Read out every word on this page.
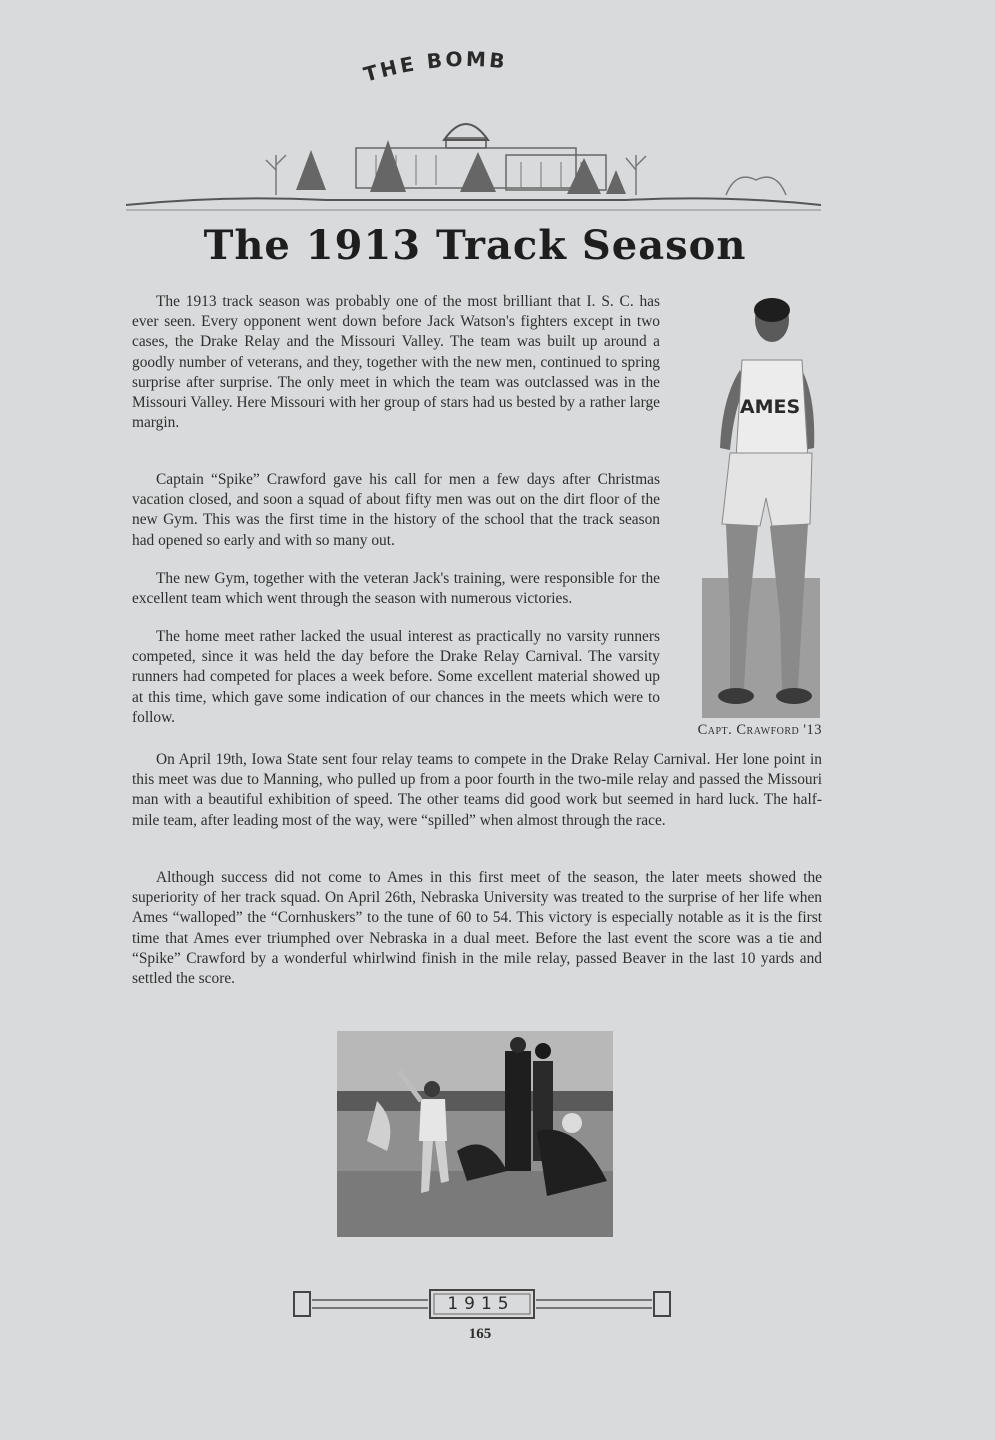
THE BOMB
The 1913 Track Season

The 1913 track season was probably one of the most brilliant that I. S. C. has ever seen. Every opponent went down before Jack Watson's fighters except in two cases, the Drake Relay and the Missouri Valley. The team was built up around a goodly number of veterans, and they, together with the new men, continued to spring surprise after surprise. The only meet in which the team was outclassed was in the Missouri Valley. Here Missouri with her group of stars had us bested by a rather large margin.

Captain “Spike” Crawford gave his call for men a few days after Christmas vacation closed, and soon a squad of about fifty men was out on the dirt floor of the new Gym. This was the first time in the history of the school that the track season had opened so early and with so many out.

The new Gym, together with the veteran Jack's training, were responsible for the excellent team which went through the season with numerous victories.

The home meet rather lacked the usual interest as practically no varsity runners competed, since it was held the day before the Drake Relay Carnival. The varsity runners had competed for places a week before. Some excellent material showed up at this time, which gave some indication of our chances in the meets which were to follow.

AMES
Capt. Crawford '13

On April 19th, Iowa State sent four relay teams to compete in the Drake Relay Carnival. Her lone point in this meet was due to Manning, who pulled up from a poor fourth in the two-mile relay and passed the Missouri man with a beautiful exhibition of speed. The other teams did good work but seemed in hard luck. The half-mile team, after leading most of the way, were “spilled” when almost through the race.

Although success did not come to Ames in this first meet of the season, the later meets showed the superiority of her track squad. On April 26th, Nebraska University was treated to the surprise of her life when Ames “walloped” the “Cornhuskers” to the tune of 60 to 54. This victory is especially notable as it is the first time that Ames ever triumphed over Nebraska in a dual meet. Before the last event the score was a tie and “Spike” Crawford by a wonderful whirlwind finish in the mile relay, passed Beaver in the last 10 yards and settled the score.

1915
165
